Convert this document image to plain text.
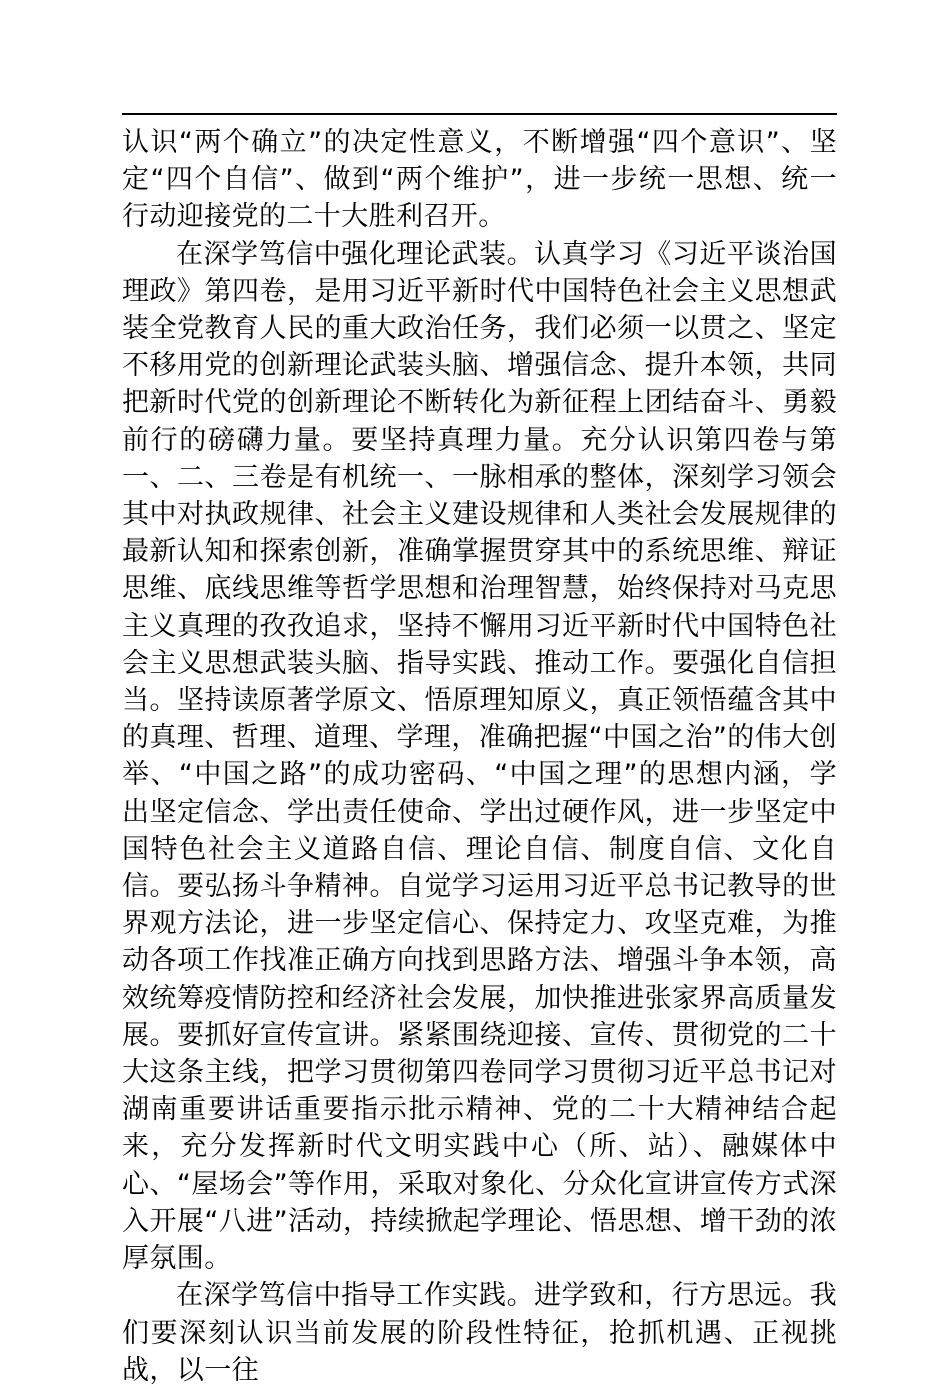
认识“两个确立”的决定性意义，不断增强“四个意识”、坚定“四个自信”、做到“两个维护”，进一步统一思想、统一行动迎接党的二十大胜利召开。

在深学笃信中强化理论武装。认真学习《习近平谈治国理政》第四卷，是用习近平新时代中国特色社会主义思想武装全党教育人民的重大政治任务，我们必须一以贯之、坚定不移用党的创新理论武装头脑、增强信念、提升本领，共同把新时代党的创新理论不断转化为新征程上团结奋斗、勇毅前行的磅礴力量。要坚持真理力量。充分认识第四卷与第一、二、三卷是有机统一、一脉相承的整体，深刻学习领会其中对执政规律、社会主义建设规律和人类社会发展规律的最新认知和探索创新，准确掌握贯穿其中的系统思维、辩证思维、底线思维等哲学思想和治理智慧，始终保持对马克思主义真理的孜孜追求，坚持不懈用习近平新时代中国特色社会主义思想武装头脑、指导实践、推动工作。要强化自信担当。坚持读原著学原文、悟原理知原义，真正领悟蕴含其中的真理、哲理、道理、学理，准确把握“中国之治”的伟大创举、“中国之路”的成功密码、“中国之理”的思想内涵，学出坚定信念、学出责任使命、学出过硬作风，进一步坚定中国特色社会主义道路自信、理论自信、制度自信、文化自信。要弘扬斗争精神。自觉学习运用习近平总书记教导的世界观方法论，进一步坚定信心、保持定力、攻坚克难，为推动各项工作找准正确方向找到思路方法、增强斗争本领，高效统筹疫情防控和经济社会发展，加快推进张家界高质量发展。要抓好宣传宣讲。紧紧围绕迎接、宣传、贯彻党的二十大这条主线，把学习贯彻第四卷同学习贯彻习近平总书记对湖南重要讲话重要指示批示精神、党的二十大精神结合起来，充分发挥新时代文明实践中心（所、站）、融媒体中心、“屋场会”等作用，采取对象化、分众化宣讲宣传方式深入开展“八进”活动，持续掀起学理论、悟思想、增干劲的浓厚氛围。

在深学笃信中指导工作实践。进学致和，行方思远。我们要深刻认识当前发展的阶段性特征，抢抓机遇、正视挑战，以一往
